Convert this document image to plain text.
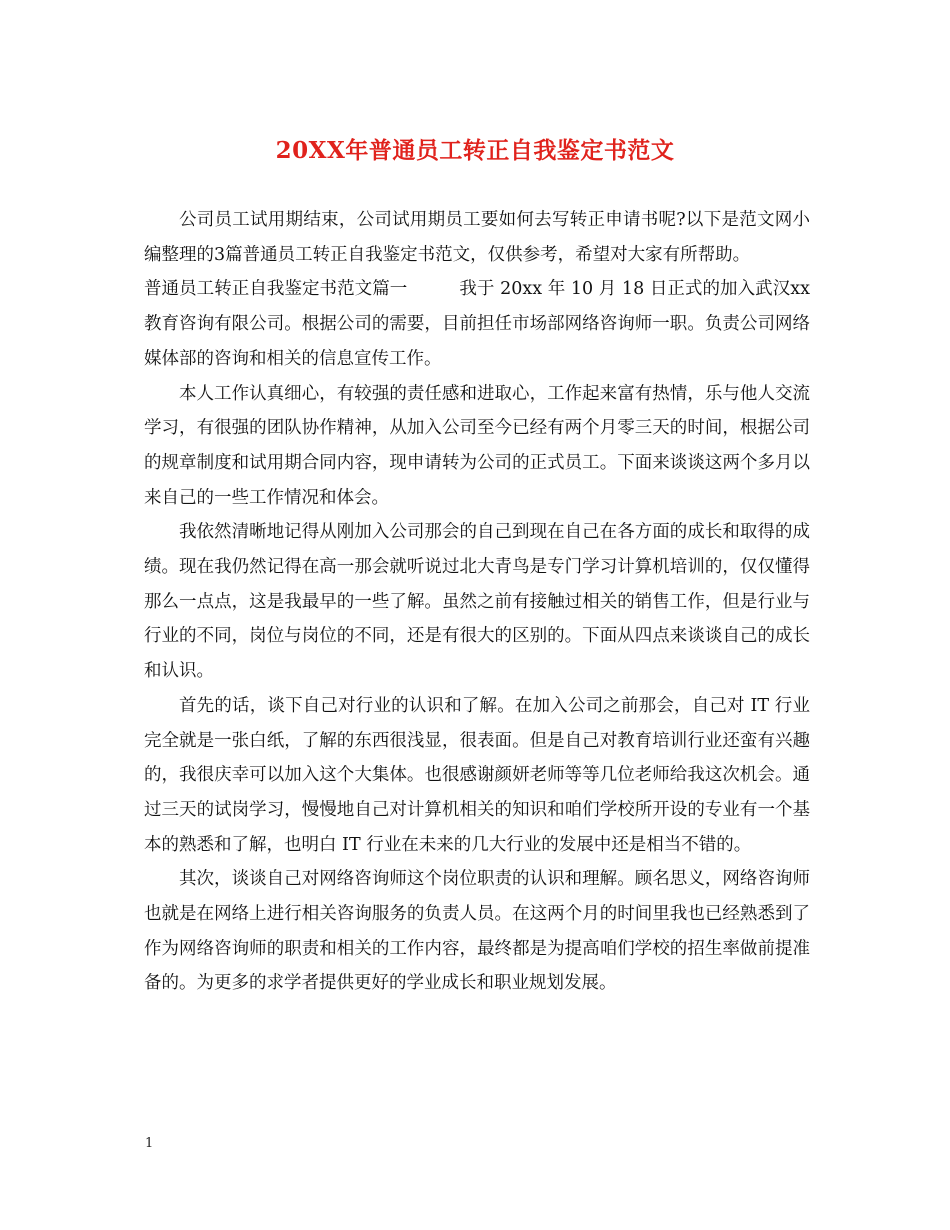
20XX年普通员工转正自我鉴定书范文

公司员工试用期结束，公司试用期员工要如何去写转正申请书呢?以下是范文网小编整理的3篇普通员工转正自我鉴定书范文，仅供参考，希望对大家有所帮助。

普通员工转正自我鉴定书范文篇一	我于 20xx 年 10 月 18 日正式的加入武汉xx教育咨询有限公司。根据公司的需要，目前担任市场部网络咨询师一职。负责公司网络媒体部的咨询和相关的信息宣传工作。

本人工作认真细心，有较强的责任感和进取心，工作起来富有热情，乐与他人交流学习，有很强的团队协作精神，从加入公司至今已经有两个月零三天的时间，根据公司的规章制度和试用期合同内容，现申请转为公司的正式员工。下面来谈谈这两个多月以来自己的一些工作情况和体会。

我依然清晰地记得从刚加入公司那会的自己到现在自己在各方面的成长和取得的成绩。现在我仍然记得在高一那会就听说过北大青鸟是专门学习计算机培训的，仅仅懂得那么一点点，这是我最早的一些了解。虽然之前有接触过相关的销售工作，但是行业与行业的不同，岗位与岗位的不同，还是有很大的区别的。下面从四点来谈谈自己的成长和认识。

首先的话，谈下自己对行业的认识和了解。在加入公司之前那会，自己对 IT 行业完全就是一张白纸，了解的东西很浅显，很表面。但是自己对教育培训行业还蛮有兴趣的，我很庆幸可以加入这个大集体。也很感谢颜妍老师等等几位老师给我这次机会。通过三天的试岗学习，慢慢地自己对计算机相关的知识和咱们学校所开设的专业有一个基本的熟悉和了解，也明白 IT 行业在未来的几大行业的发展中还是相当不错的。

其次，谈谈自己对网络咨询师这个岗位职责的认识和理解。顾名思义，网络咨询师也就是在网络上进行相关咨询服务的负责人员。在这两个月的时间里我也已经熟悉到了作为网络咨询师的职责和相关的工作内容，最终都是为提高咱们学校的招生率做前提准备的。为更多的求学者提供更好的学业成长和职业规划发展。

1
